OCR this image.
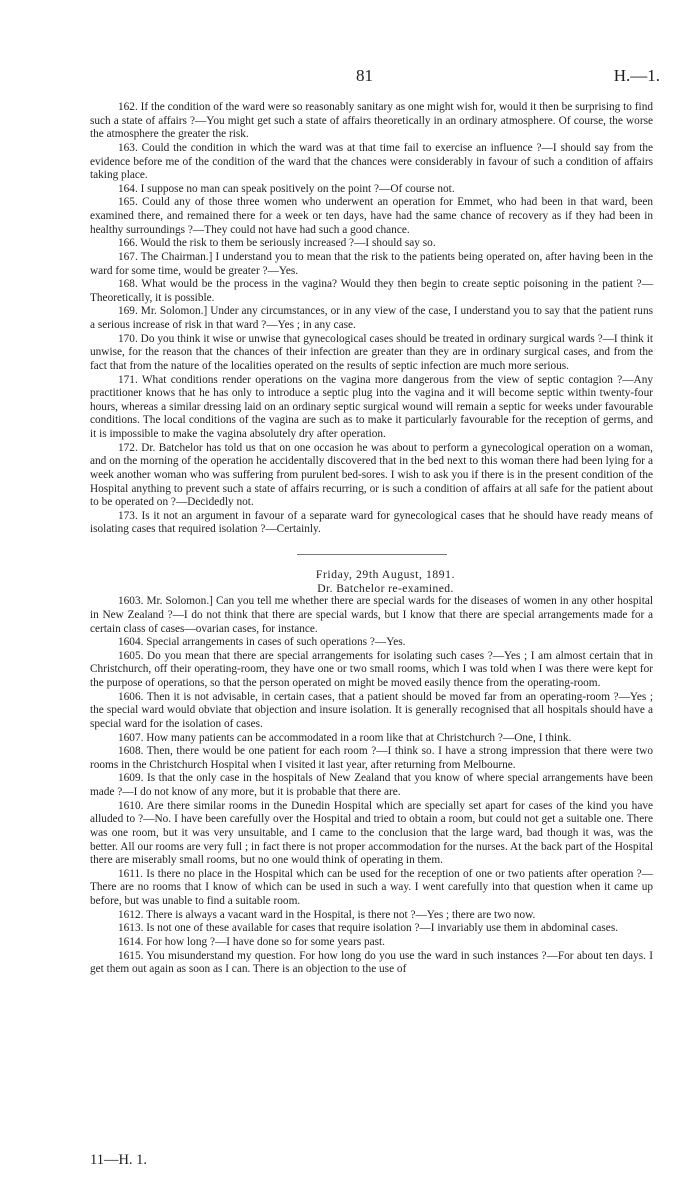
81	H.—1.

162. If the condition of the ward were so reasonably sanitary as one might wish for, would it then be surprising to find such a state of affairs ?—You might get such a state of affairs theoretically in an ordinary atmosphere. Of course, the worse the atmosphere the greater the risk.

163. Could the condition in which the ward was at that time fail to exercise an influence ?—I should say from the evidence before me of the condition of the ward that the chances were considerably in favour of such a condition of affairs taking place.

164. I suppose no man can speak positively on the point ?—Of course not.

165. Could any of those three women who underwent an operation for Emmet, who had been in that ward, been examined there, and remained there for a week or ten days, have had the same chance of recovery as if they had been in healthy surroundings ?—They could not have had such a good chance.

166. Would the risk to them be seriously increased ?—I should say so.

167. The Chairman.] I understand you to mean that the risk to the patients being operated on, after having been in the ward for some time, would be greater ?—Yes.

168. What would be the process in the vagina? Would they then begin to create septic poisoning in the patient ?—Theoretically, it is possible.

169. Mr. Solomon.] Under any circumstances, or in any view of the case, I understand you to say that the patient runs a serious increase of risk in that ward ?—Yes ; in any case.

170. Do you think it wise or unwise that gynecological cases should be treated in ordinary surgical wards ?—I think it unwise, for the reason that the chances of their infection are greater than they are in ordinary surgical cases, and from the fact that from the nature of the localities operated on the results of septic infection are much more serious.

171. What conditions render operations on the vagina more dangerous from the view of septic contagion ?—Any practitioner knows that he has only to introduce a septic plug into the vagina and it will become septic within twenty-four hours, whereas a similar dressing laid on an ordinary septic surgical wound will remain a septic for weeks under favourable conditions. The local conditions of the vagina are such as to make it particularly favourable for the reception of germs, and it is impossible to make the vagina absolutely dry after operation.

172. Dr. Batchelor has told us that on one occasion he was about to perform a gynecological operation on a woman, and on the morning of the operation he accidentally discovered that in the bed next to this woman there had been lying for a week another woman who was suffering from purulent bed-sores. I wish to ask you if there is in the present condition of the Hospital anything to prevent such a state of affairs recurring, or is such a condition of affairs at all safe for the patient about to be operated on ?—Decidedly not.

173. Is it not an argument in favour of a separate ward for gynecological cases that he should have ready means of isolating cases that required isolation ?—Certainly.

Friday, 29th August, 1891.

Dr. Batchelor re-examined.

1603. Mr. Solomon.] Can you tell me whether there are special wards for the diseases of women in any other hospital in New Zealand ?—I do not think that there are special wards, but I know that there are special arrangements made for a certain class of cases—ovarian cases, for instance.

1604. Special arrangements in cases of such operations ?—Yes.

1605. Do you mean that there are special arrangements for isolating such cases ?—Yes ; I am almost certain that in Christchurch, off their operating-room, they have one or two small rooms, which I was told when I was there were kept for the purpose of operations, so that the person operated on might be moved easily thence from the operating-room.

1606. Then it is not advisable, in certain cases, that a patient should be moved far from an operating-room ?—Yes ; the special ward would obviate that objection and insure isolation. It is generally recognised that all hospitals should have a special ward for the isolation of cases.

1607. How many patients can be accommodated in a room like that at Christchurch ?—One, I think.

1608. Then, there would be one patient for each room ?—I think so. I have a strong impression that there were two rooms in the Christchurch Hospital when I visited it last year, after returning from Melbourne.

1609. Is that the only case in the hospitals of New Zealand that you know of where special arrangements have been made ?—I do not know of any more, but it is probable that there are.

1610. Are there similar rooms in the Dunedin Hospital which are specially set apart for cases of the kind you have alluded to ?—No. I have been carefully over the Hospital and tried to obtain a room, but could not get a suitable one. There was one room, but it was very unsuitable, and I came to the conclusion that the large ward, bad though it was, was the better. All our rooms are very full ; in fact there is not proper accommodation for the nurses. At the back part of the Hospital there are miserably small rooms, but no one would think of operating in them.

1611. Is there no place in the Hospital which can be used for the reception of one or two patients after operation ?—There are no rooms that I know of which can be used in such a way. I went carefully into that question when it came up before, but was unable to find a suitable room.

1612. There is always a vacant ward in the Hospital, is there not ?—Yes ; there are two now.

1613. Is not one of these available for cases that require isolation ?—I invariably use them in abdominal cases.

1614. For how long ?—I have done so for some years past.

1615. You misunderstand my question. For how long do you use the ward in such instances ?—For about ten days. I get them out again as soon as I can. There is an objection to the use of

11—H. 1.
